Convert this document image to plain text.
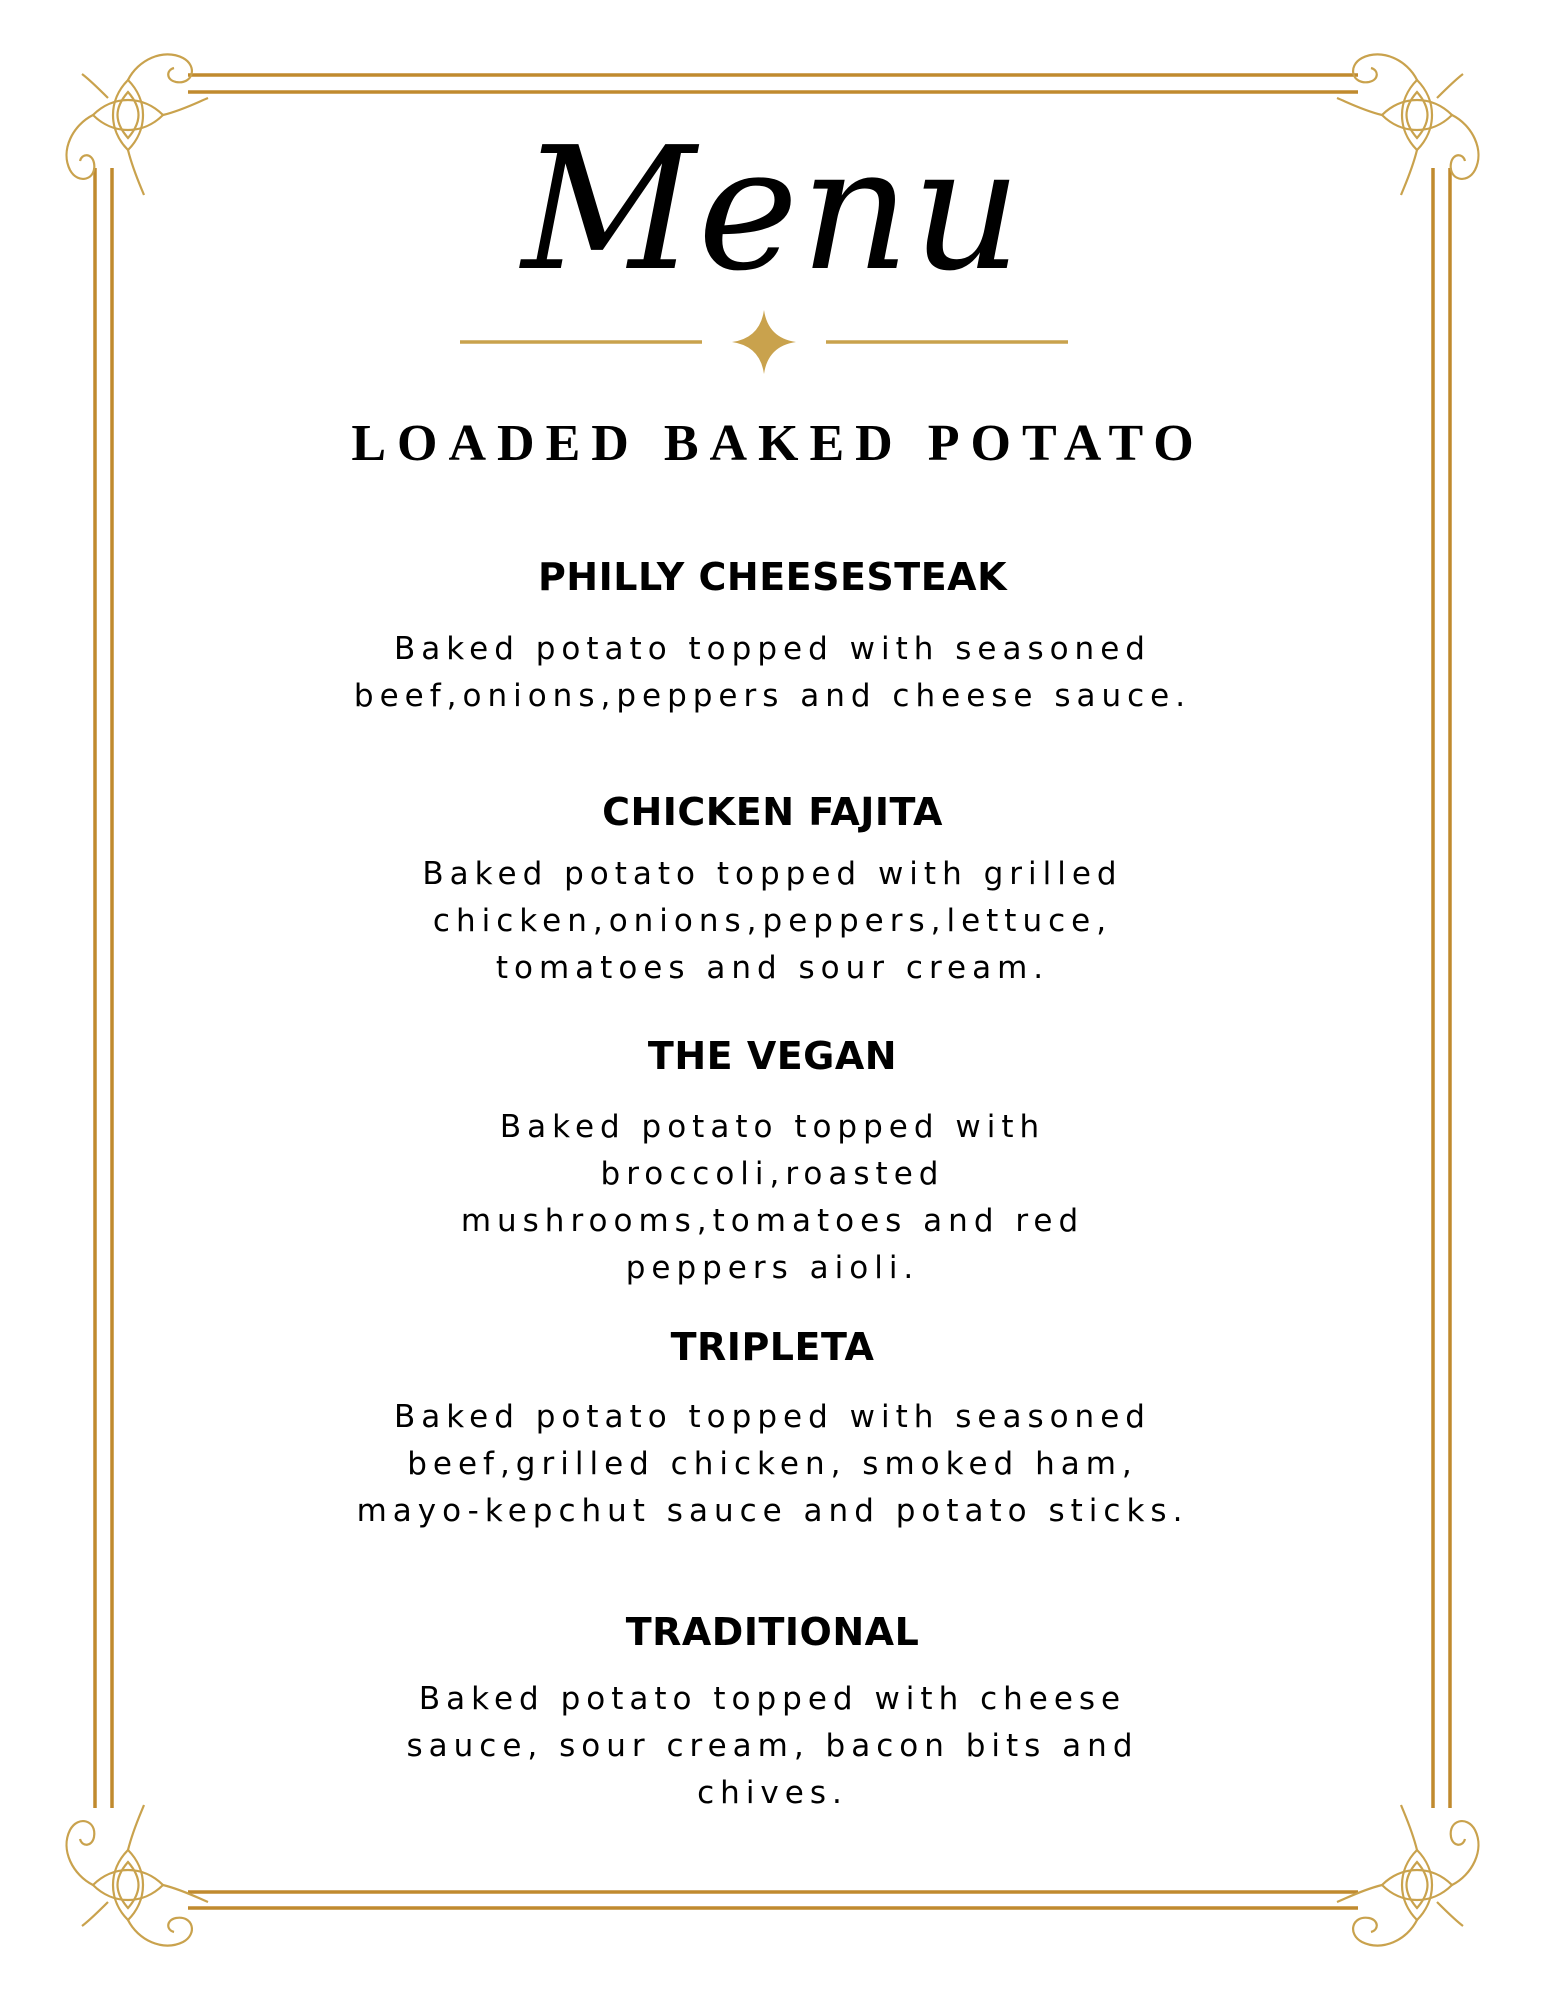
Menu
LOADED BAKED POTATO
PHILLY CHEESESTEAK
Baked potato topped with seasoned beef,onions,peppers and cheese sauce.
CHICKEN FAJITA
Baked potato topped with grilled chicken,onions,peppers,lettuce, tomatoes and sour cream.
THE VEGAN
Baked potato topped with broccoli,roasted mushrooms,tomatoes and red peppers aioli.
TRIPLETA
Baked potato topped with seasoned beef,grilled chicken, smoked ham, mayo-kepchut sauce and potato sticks.
TRADITIONAL
Baked potato topped with cheese sauce, sour cream, bacon bits and chives.
